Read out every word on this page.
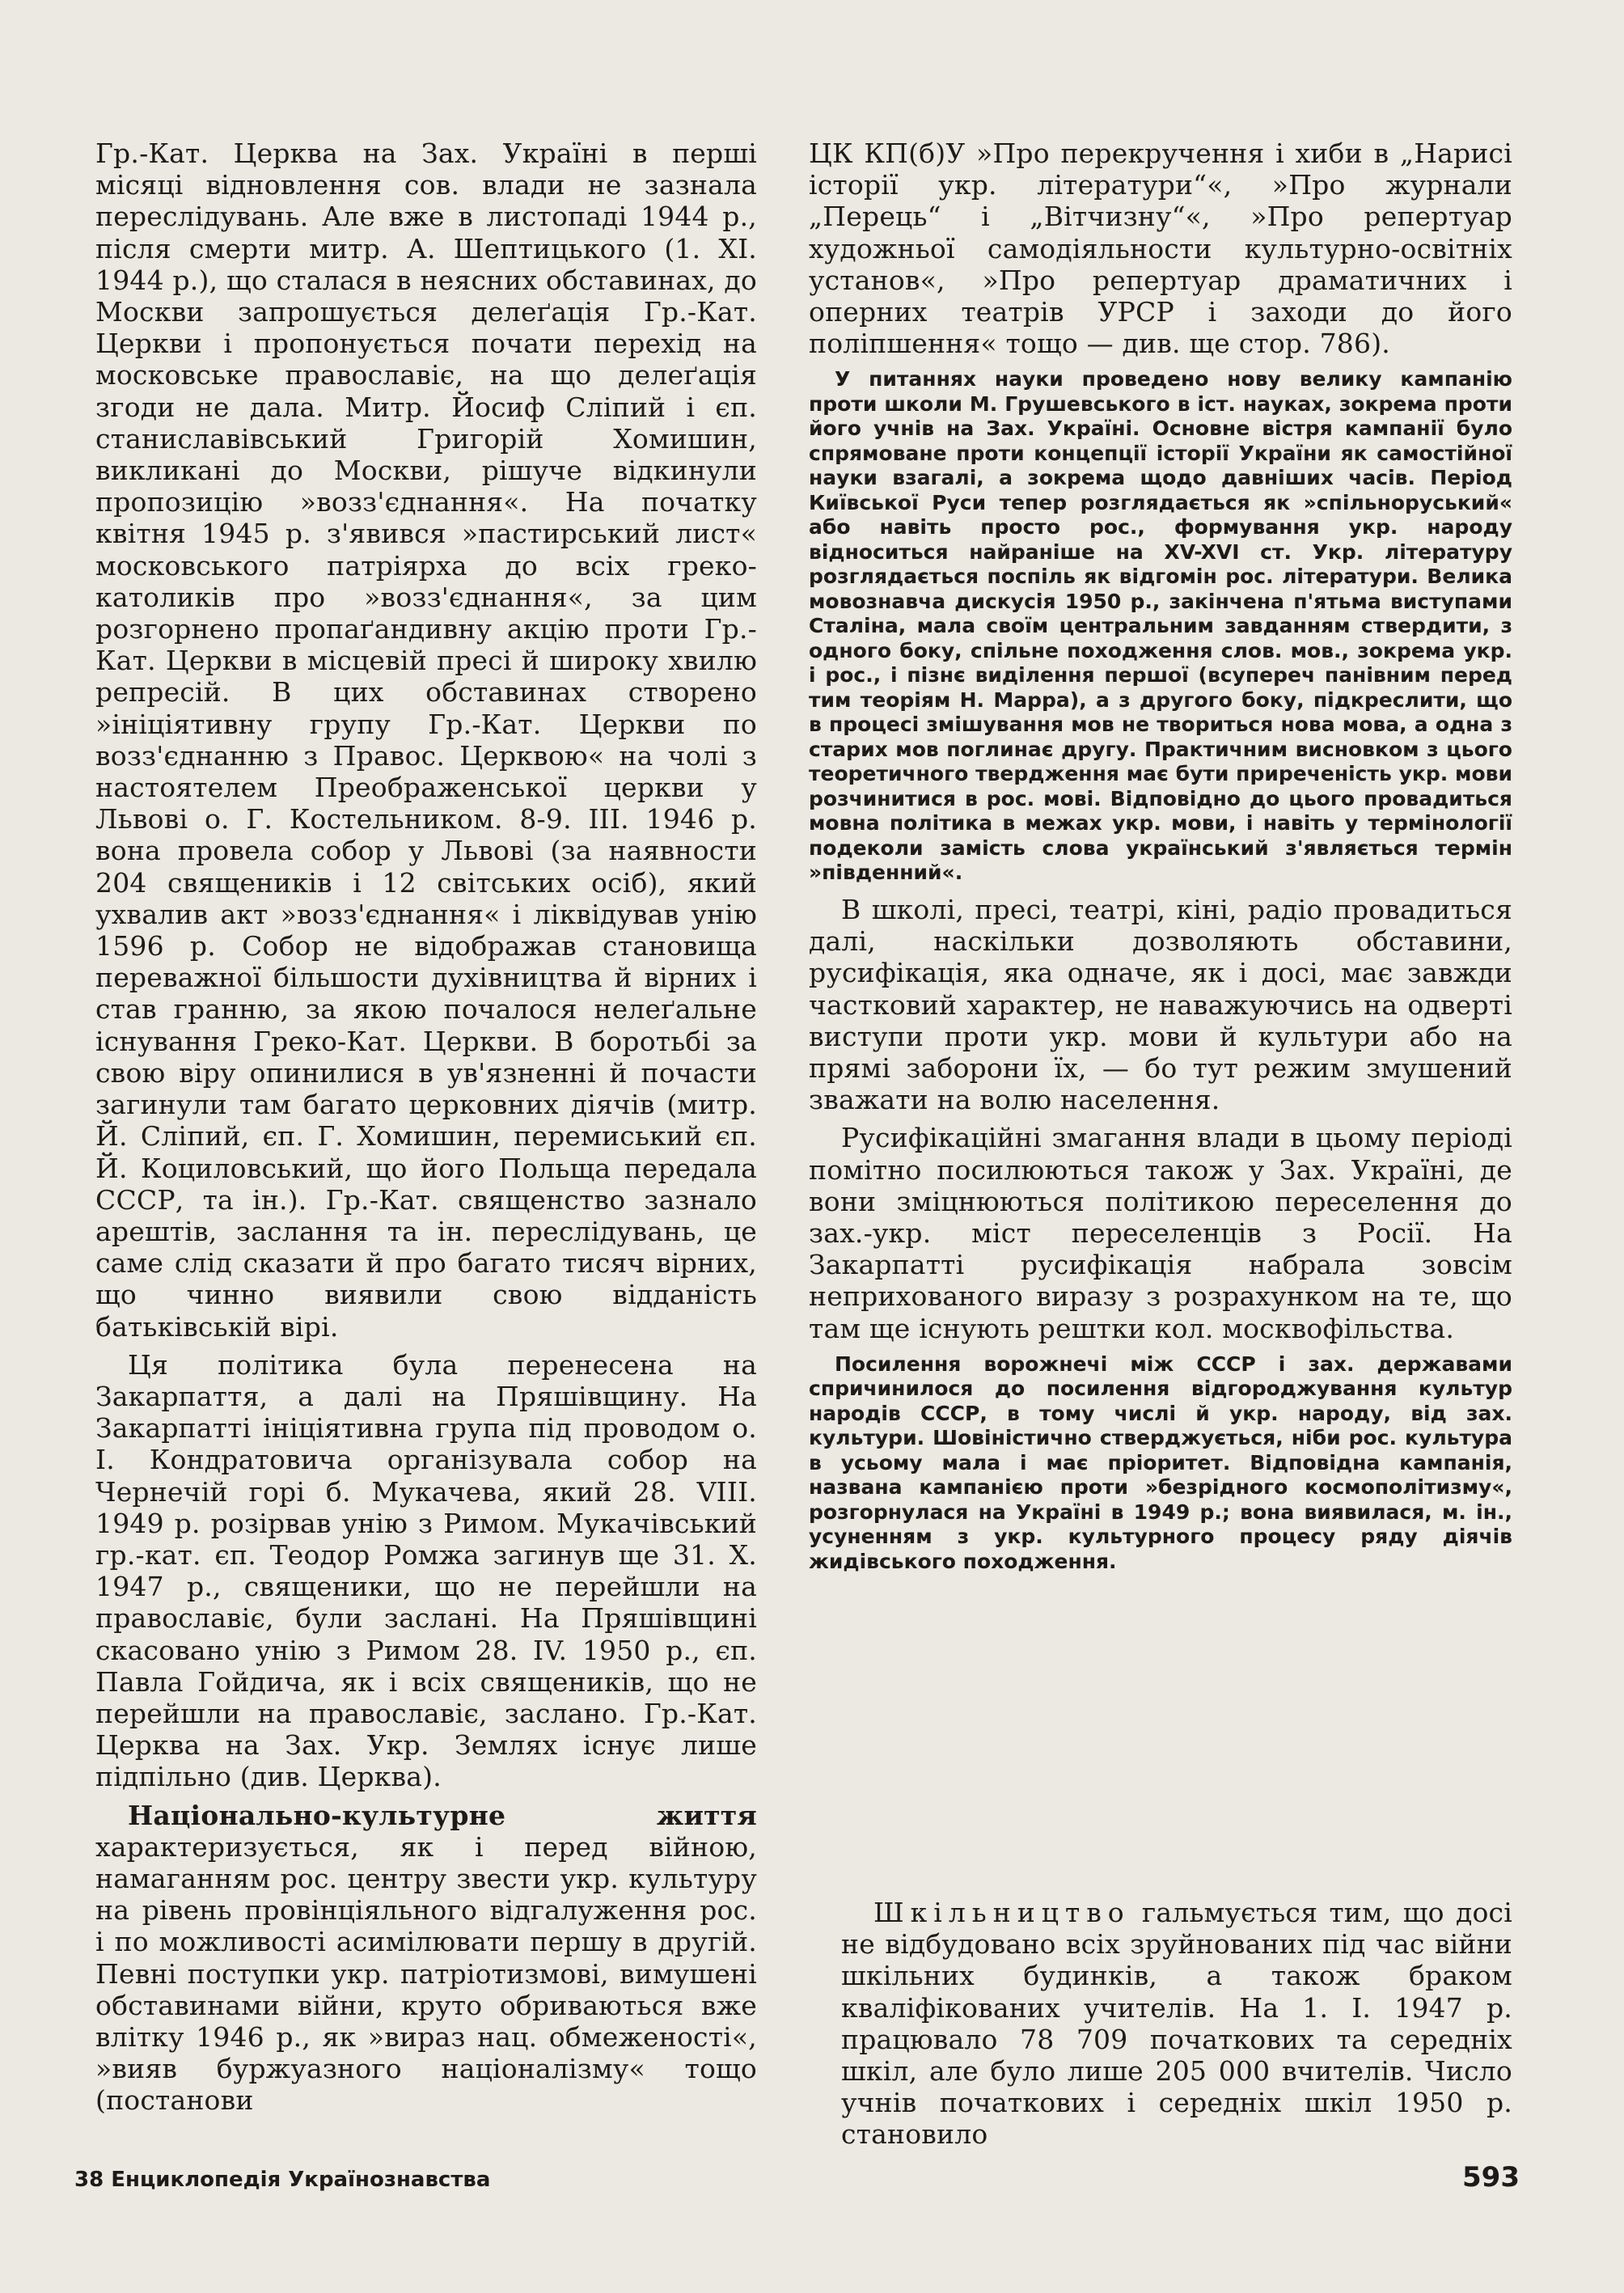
Гр.-Кат. Церква на Зах. Україні в перші місяці відновлення сов. влади не зазнала переслідувань. Але вже в листопаді 1944 р., після смерти митр. А. Шептицького (1. XI. 1944 р.), що сталася в неясних обставинах, до Москви запрошується делеґація Гр.-Кат. Церкви і пропонується почати перехід на московське православіє, на що делеґація згоди не дала. Митр. Йосиф Сліпий і єп. станиславівський Григорій Хомишин, викликані до Москви, рішуче відкинули пропозицію »возз'єднання«. На початку квітня 1945 р. з'явився »пастирський лист« московського патріярха до всіх греко-католиків про »возз'єднання«, за цим розгорнено пропаґандивну акцію проти Гр.-Кат. Церкви в місцевій пресі й широку хвилю репресій. В цих обставинах створено »ініціятивну групу Гр.-Кат. Церкви по возз'єднанню з Правос. Церквою« на чолі з настоятелем Преображенської церкви у Львові о. Г. Костельником. 8-9. III. 1946 р. вона провела собор у Львові (за наявности 204 священиків і 12 світських осіб), який ухвалив акт »возз'єднання« і ліквідував унію 1596 р. Собор не відображав становища переважної більшости духівництва й вірних і став гранню, за якою почалося нелеґальне існування Греко-Кат. Церкви. В боротьбі за свою віру опинилися в ув'язненні й почасти загинули там багато церковних діячів (митр. Й. Сліпий, єп. Г. Хомишин, перемиський єп. Й. Коциловський, що його Польща передала СССР, та ін.). Гр.-Кат. священство зазнало арештів, заслання та ін. переслідувань, це саме слід сказати й про багато тисяч вірних, що чинно виявили свою відданість батьківській вірі.

Ця політика була перенесена на Закарпаття, а далі на Пряшівщину. На Закарпатті ініціятивна група під проводом о. І. Кондратовича організувала собор на Чернечій горі б. Мукачева, який 28. VIII. 1949 р. розірвав унію з Римом. Мукачівський гр.-кат. єп. Теодор Ромжа загинув ще 31. X. 1947 р., священики, що не перейшли на православіє, були заслані. На Пряшівщині скасовано унію з Римом 28. IV. 1950 р., єп. Павла Гойдича, як і всіх священиків, що не перейшли на православіє, заслано. Гр.-Кат. Церква на Зах. Укр. Землях існує лише підпільно (див. Церква).

Національно-культурне життя характеризується, як і перед війною, намаганням рос. центру звести укр. культуру на рівень провінціяльного відгалуження рос. і по можливості асимілювати першу в другій. Певні поступки укр. патріотизмові, вимушені обставинами війни, круто обриваються вже влітку 1946 р., як »вираз нац. обмеженості«, »вияв буржуазного націоналізму« тощо (постанови

ЦК КП(б)У »Про перекручення і хиби в „Нарисі історії укр. літератури“«, »Про журнали „Перець“ і „Вітчизну“«, »Про репертуар художньої самодіяльности культурно-освітніх установ«, »Про репертуар драматичних і оперних театрів УРСР і заходи до його поліпшення« тощо — див. ще стор. 786).

У питаннях науки проведено нову велику кампанію проти школи М. Грушевського в іст. науках, зокрема проти його учнів на Зах. Україні. Основне вістря кампанії було спрямоване проти концепції історії України як самостійної науки взагалі, а зокрема щодо давніших часів. Період Київської Руси тепер розглядається як »спільноруський« або навіть просто рос., формування укр. народу відноситься найраніше на XV-XVI ст. Укр. літературу розглядається поспіль як відгомін рос. літератури. Велика мовознавча дискусія 1950 р., закінчена п'ятьма виступами Сталіна, мала своїм центральним завданням ствердити, з одного боку, спільне походження слов. мов., зокрема укр. і рос., і пізнє виділення першої (всупереч панівним перед тим теоріям Н. Марра), а з другого боку, підкреслити, що в процесі змішування мов не твориться нова мова, а одна з старих мов поглинає другу. Практичним висновком з цього теоретичного твердження має бути приреченість укр. мови розчинитися в рос. мові. Відповідно до цього провадиться мовна політика в межах укр. мови, і навіть у термінології подеколи замість слова український з'являється термін »південний«.

В школі, пресі, театрі, кіні, радіо провадиться далі, наскільки дозволяють обставини, русифікація, яка одначе, як і досі, має завжди частковий характер, не наважуючись на одверті виступи проти укр. мови й культури або на прямі заборони їх, — бо тут режим змушений зважати на волю населення.

Русифікаційні змагання влади в цьому періоді помітно посилюються також у Зах. Україні, де вони зміцнюються політикою переселення до зах.-укр. міст переселенців з Росії. На Закарпатті русифікація набрала зовсім неприхованого виразу з розрахунком на те, що там ще існують рештки кол. москвофільства.

Посилення ворожнечі між СССР і зах. державами спричинилося до посилення відгороджування культур народів СССР, в тому числі й укр. народу, від зах. культури. Шовіністично стверджується, ніби рос. культура в усьому мала і має пріоритет. Відповідна кампанія, названа кампанією проти »безрідного космополітизму«, розгорнулася на Україні в 1949 р.; вона виявилася, м. ін., усуненням з укр. культурного процесу ряду діячів жидівського походження.

Шкільництво гальмується тим, що досі не відбудовано всіх зруйнованих під час війни шкільних будинків, а також браком кваліфікованих учителів. На 1. І. 1947 р. працювало 78 709 початкових та середніх шкіл, але було лише 205 000 вчителів. Число учнів початкових і середніх шкіл 1950 р. становило

38 Енциклопедія Українознавства	593
